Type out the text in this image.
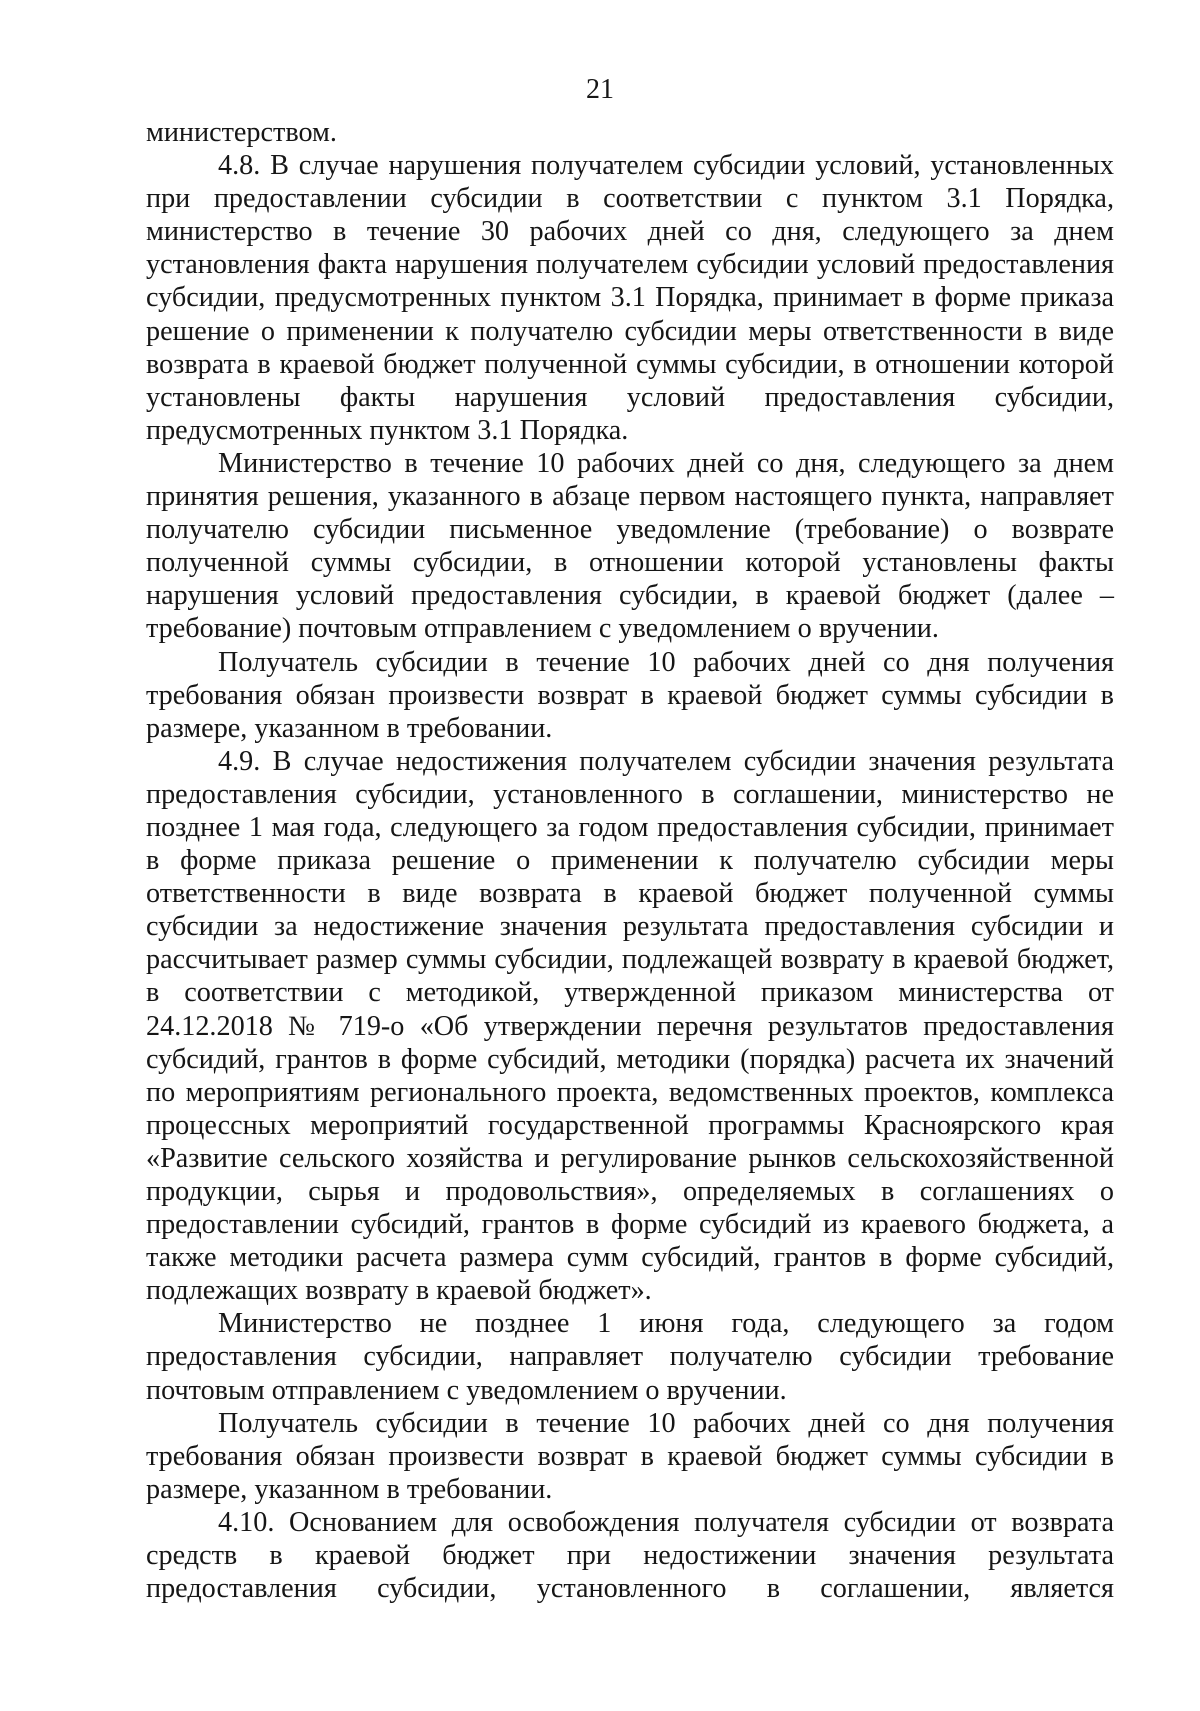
21

министерством.

4.8. В случае нарушения получателем субсидии условий, установленных при предоставлении субсидии в соответствии с пунктом 3.1 Порядка, министерство в течение 30 рабочих дней со дня, следующего за днем установления факта нарушения получателем субсидии условий предоставления субсидии, предусмотренных пунктом 3.1 Порядка, принимает в форме приказа решение о применении к получателю субсидии меры ответственности в виде возврата в краевой бюджет полученной суммы субсидии, в отношении которой установлены факты нарушения условий предоставления субсидии, предусмотренных пунктом 3.1 Порядка.

Министерство в течение 10 рабочих дней со дня, следующего за днем принятия решения, указанного в абзаце первом настоящего пункта, направляет получателю субсидии письменное уведомление (требование) о возврате полученной суммы субсидии, в отношении которой установлены факты нарушения условий предоставления субсидии, в краевой бюджет (далее – требование) почтовым отправлением с уведомлением о вручении.

Получатель субсидии в течение 10 рабочих дней со дня получения требования обязан произвести возврат в краевой бюджет суммы субсидии в размере, указанном в требовании.

4.9. В случае недостижения получателем субсидии значения результата предоставления субсидии, установленного в соглашении, министерство не позднее 1 мая года, следующего за годом предоставления субсидии, принимает в форме приказа решение о применении к получателю субсидии меры ответственности в виде возврата в краевой бюджет полученной суммы субсидии за недостижение значения результата предоставления субсидии и рассчитывает размер суммы субсидии, подлежащей возврату в краевой бюджет, в соответствии с методикой, утвержденной приказом министерства от 24.12.2018 № 719-о «Об утверждении перечня результатов предоставления субсидий, грантов в форме субсидий, методики (порядка) расчета их значений по мероприятиям регионального проекта, ведомственных проектов, комплекса процессных мероприятий государственной программы Красноярского края «Развитие сельского хозяйства и регулирование рынков сельскохозяйственной продукции, сырья и продовольствия», определяемых в соглашениях о предоставлении субсидий, грантов в форме субсидий из краевого бюджета, а также методики расчета размера сумм субсидий, грантов в форме субсидий, подлежащих возврату в краевой бюджет».

Министерство не позднее 1 июня года, следующего за годом предоставления субсидии, направляет получателю субсидии требование почтовым отправлением с уведомлением о вручении.

Получатель субсидии в течение 10 рабочих дней со дня получения требования обязан произвести возврат в краевой бюджет суммы субсидии в размере, указанном в требовании.

4.10. Основанием для освобождения получателя субсидии от возврата средств в краевой бюджет при недостижении значения результата предоставления субсидии, установленного в соглашении, является
